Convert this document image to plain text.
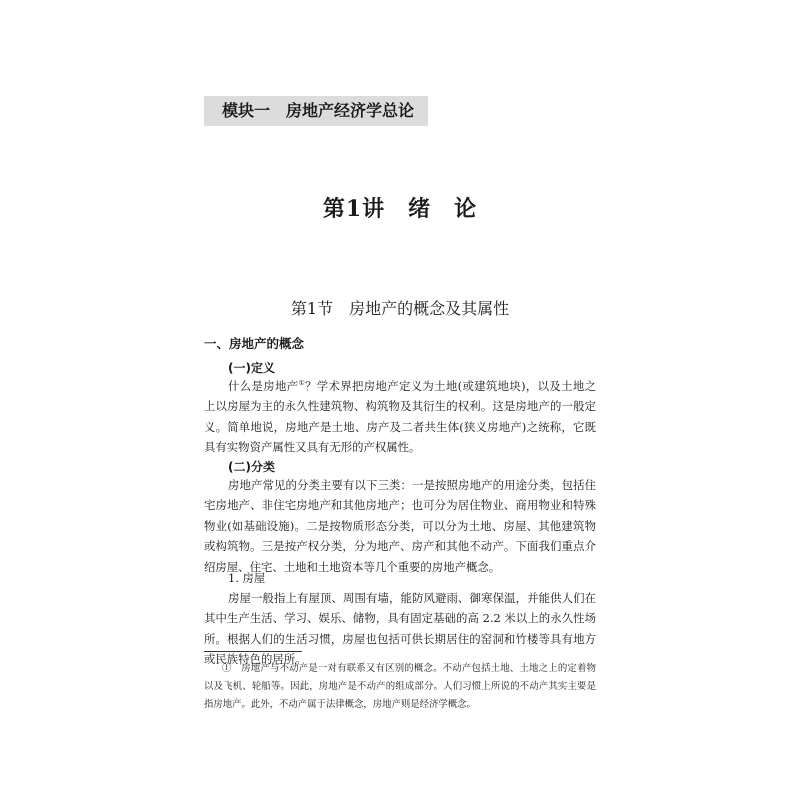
模块一　房地产经济学总论
第1讲　绪　论
第1节　房地产的概念及其属性
一、房地产的概念
(一)定义

什么是房地产①？学术界把房地产定义为土地(或建筑地块)，以及土地之上以房屋为主的永久性建筑物、构筑物及其衍生的权利。这是房地产的一般定义。简单地说，房地产是土地、房产及二者共生体(狭义房地产)之统称，它既具有实物资产属性又具有无形的产权属性。

(二)分类

房地产常见的分类主要有以下三类：一是按照房地产的用途分类，包括住宅房地产、非住宅房地产和其他房地产；也可分为居住物业、商用物业和特殊物业(如基础设施)。二是按物质形态分类，可以分为土地、房屋、其他建筑物或构筑物。三是按产权分类，分为地产、房产和其他不动产。下面我们重点介绍房屋、住宅、土地和土地资本等几个重要的房地产概念。

1. 房屋

房屋一般指上有屋顶、周围有墙，能防风避雨、御寒保温，并能供人们在其中生产生活、学习、娱乐、储物，具有固定基础的高 2.2 米以上的永久性场所。根据人们的生活习惯，房屋也包括可供长期居住的窑洞和竹楼等具有地方或民族特色的居所。

①　房地产与不动产是一对有联系又有区别的概念。不动产包括土地、土地之上的定着物以及飞机、轮船等。因此，房地产是不动产的组成部分。人们习惯上所说的不动产其实主要是指房地产。此外，不动产属于法律概念，房地产则是经济学概念。
